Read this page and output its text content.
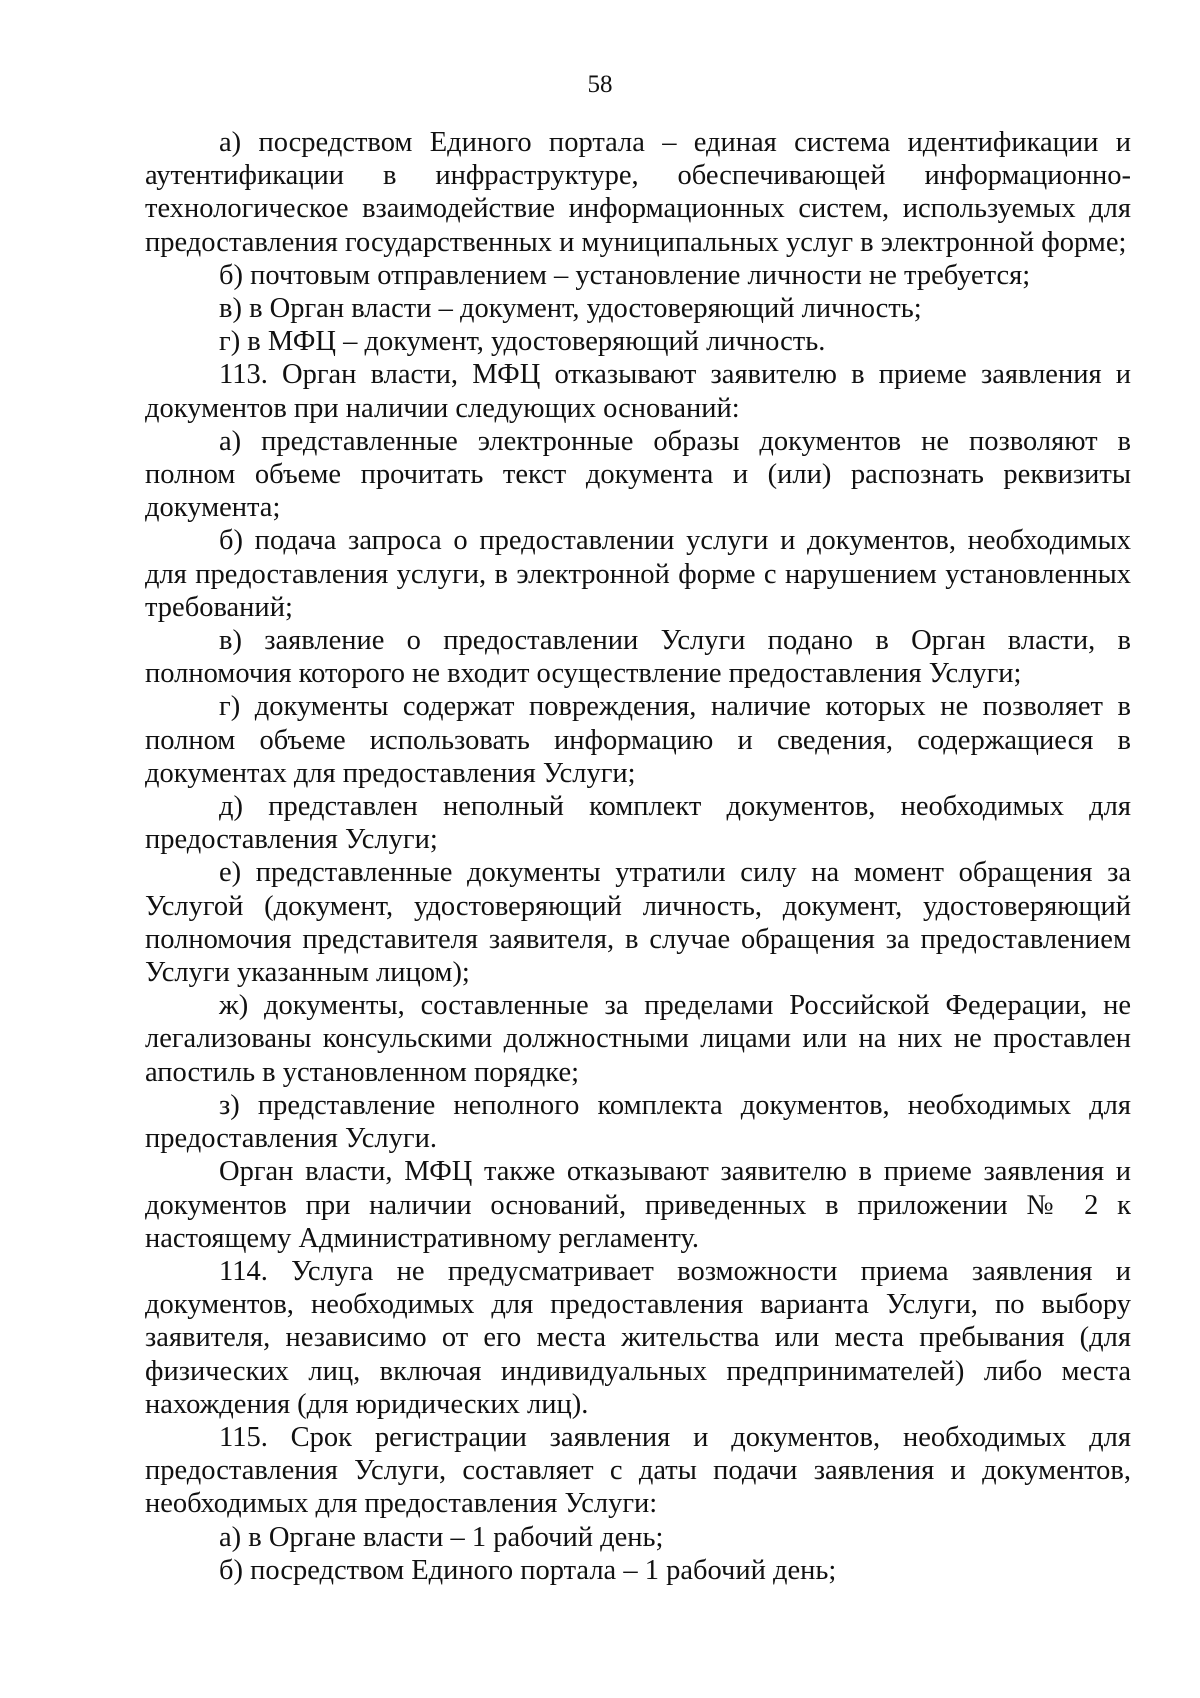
58

а) посредством Единого портала – единая система идентификации и аутентификации в инфраструктуре, обеспечивающей информационно-технологическое взаимодействие информационных систем, используемых для предоставления государственных и муниципальных услуг в электронной форме;

б) почтовым отправлением – установление личности не требуется;

в) в Орган власти – документ, удостоверяющий личность;

г) в МФЦ – документ, удостоверяющий личность.

113. Орган власти, МФЦ отказывают заявителю в приеме заявления и документов при наличии следующих оснований:

а) представленные электронные образы документов не позволяют в полном объеме прочитать текст документа и (или) распознать реквизиты документа;

б) подача запроса о предоставлении услуги и документов, необходимых для предоставления услуги, в электронной форме с нарушением установленных требований;

в) заявление о предоставлении Услуги подано в Орган власти, в полномочия которого не входит осуществление предоставления Услуги;

г) документы содержат повреждения, наличие которых не позволяет в полном объеме использовать информацию и сведения, содержащиеся в документах для предоставления Услуги;

д) представлен неполный комплект документов, необходимых для предоставления Услуги;

е) представленные документы утратили силу на момент обращения за Услугой (документ, удостоверяющий личность, документ, удостоверяющий полномочия представителя заявителя, в случае обращения за предоставлением Услуги указанным лицом);

ж) документы, составленные за пределами Российской Федерации, не легализованы консульскими должностными лицами или на них не проставлен апостиль в установленном порядке;

з) представление неполного комплекта документов, необходимых для предоставления Услуги.

Орган власти, МФЦ также отказывают заявителю в приеме заявления и документов при наличии оснований, приведенных в приложении № 2 к настоящему Административному регламенту.

114. Услуга не предусматривает возможности приема заявления и документов, необходимых для предоставления варианта Услуги, по выбору заявителя, независимо от его места жительства или места пребывания (для физических лиц, включая индивидуальных предпринимателей) либо места нахождения (для юридических лиц).

115. Срок регистрации заявления и документов, необходимых для предоставления Услуги, составляет с даты подачи заявления и документов, необходимых для предоставления Услуги:

а) в Органе власти – 1 рабочий день;

б) посредством Единого портала – 1 рабочий день;
